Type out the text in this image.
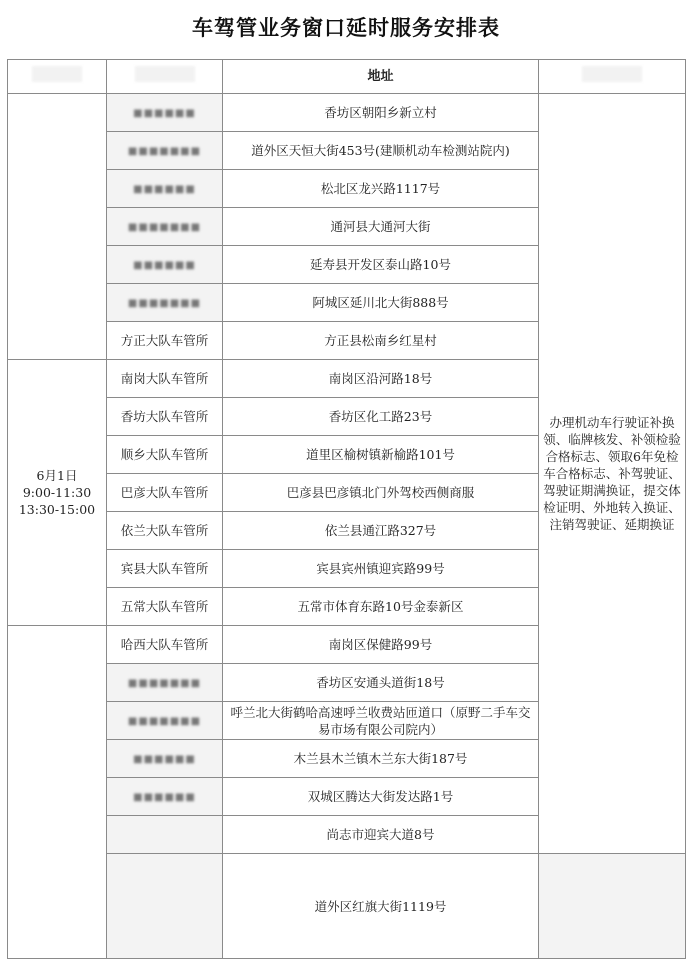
车驾管业务窗口延时服务安排表
		地址	
	■■■■■■	香坊区朝阳乡新立村	办理机动车行驶证补换领、临牌核发、补领检验合格标志、领取6年免检车合格标志、补驾驶证、驾驶证期满换证，提交体检证明、外地转入换证、注销驾驶证、延期换证
	■■■■■■■	道外区天恒大街453号(建顺机动车检测站院内)	
	■■■■■■	松北区龙兴路1117号	
	■■■■■■■	通河县大通河大街	
	■■■■■■	延寿县开发区泰山路10号	
	■■■■■■■	阿城区延川北大街888号	
	方正大队车管所	方正县松南乡红星村	

6月1日
9:00-11:30
13:30-15:00	南岗大队车管所	南岗区沿河路18号	
	香坊大队车管所	香坊区化工路23号	
	顺乡大队车管所	道里区榆树镇新榆路101号	
	巴彦大队车管所	巴彦县巴彦镇北门外驾校西侧商服	
	依兰大队车管所	依兰县通江路327号	
	宾县大队车管所	宾县宾州镇迎宾路99号	
	五常大队车管所	五常市体育东路10号金泰新区	
	哈西大队车管所	南岗区保健路99号	
	■■■■■■■	香坊区安通头道街18号	
	■■■■■■■	呼兰北大街鹤哈高速呼兰收费站匝道口（原野二手车交易市场有限公司院内）	
	■■■■■■	木兰县木兰镇木兰东大街187号	
	■■■■■■	双城区腾达大街发达路1号	
		尚志市迎宾大道8号	
		道外区红旗大街1119号	
